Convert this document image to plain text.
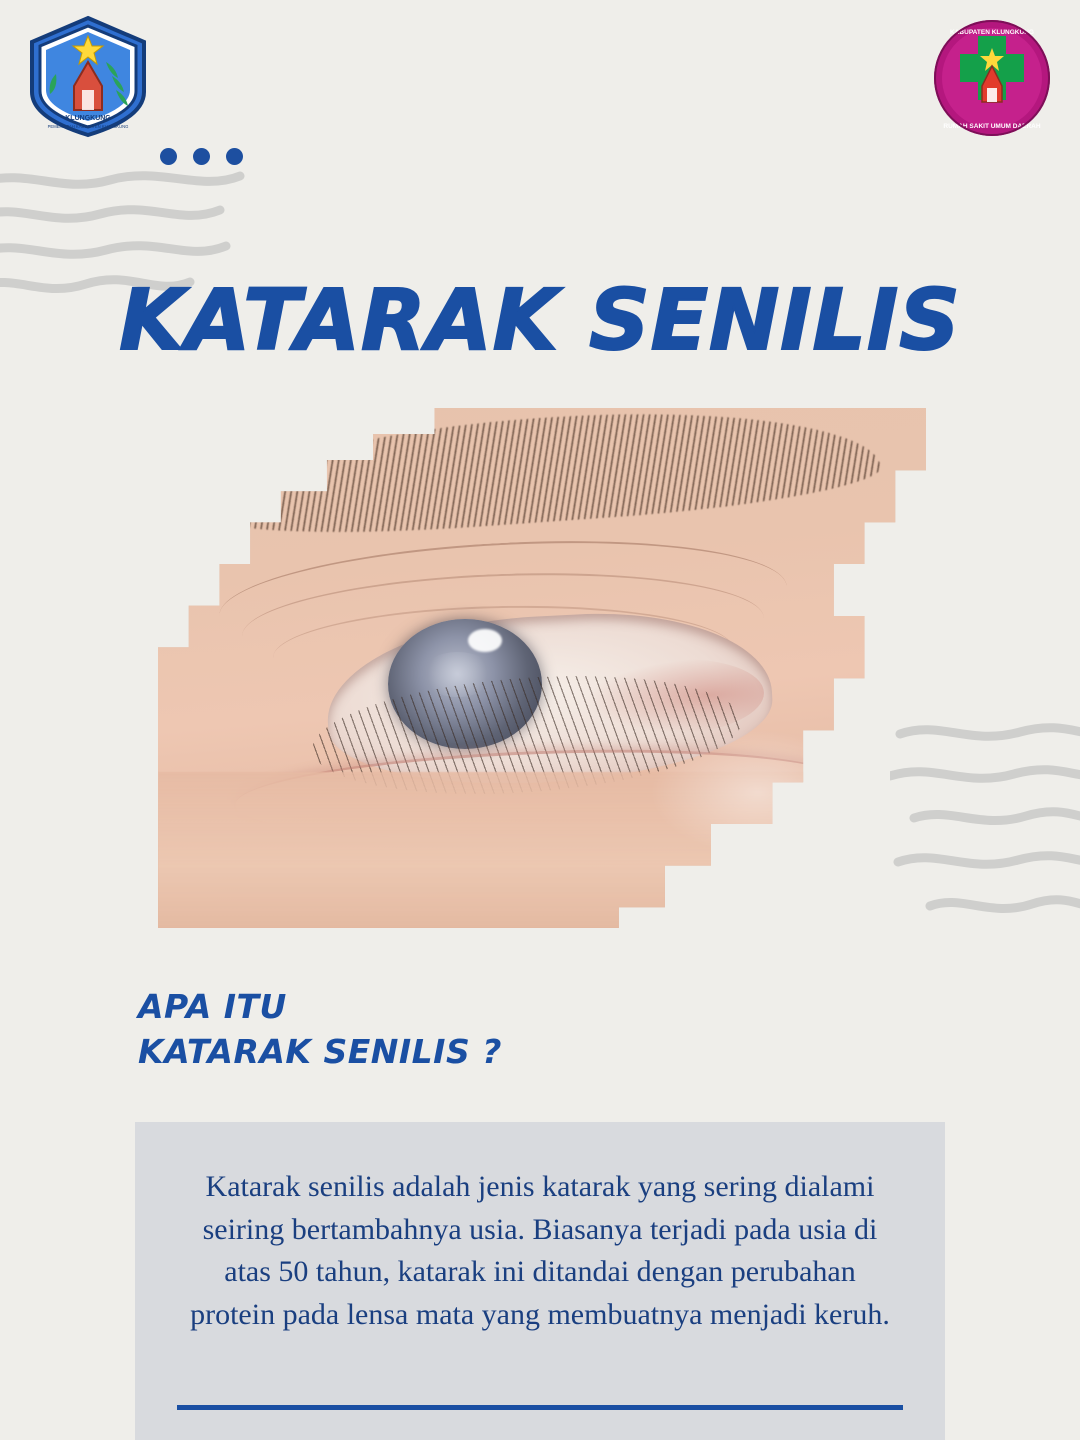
KLUNGKUNG
PEMERINTAH KABUPATEN KLUNGKUNG
KABUPATEN KLUNGKUNG
RUMAH SAKIT UMUM DAERAH
KATARAK SENILIS
APA ITU
KATARAK SENILIS ?
Katarak senilis adalah jenis katarak yang sering dialami seiring bertambahnya usia. Biasanya terjadi pada usia di atas 50 tahun, katarak ini ditandai dengan perubahan protein pada lensa mata yang membuatnya menjadi keruh.
